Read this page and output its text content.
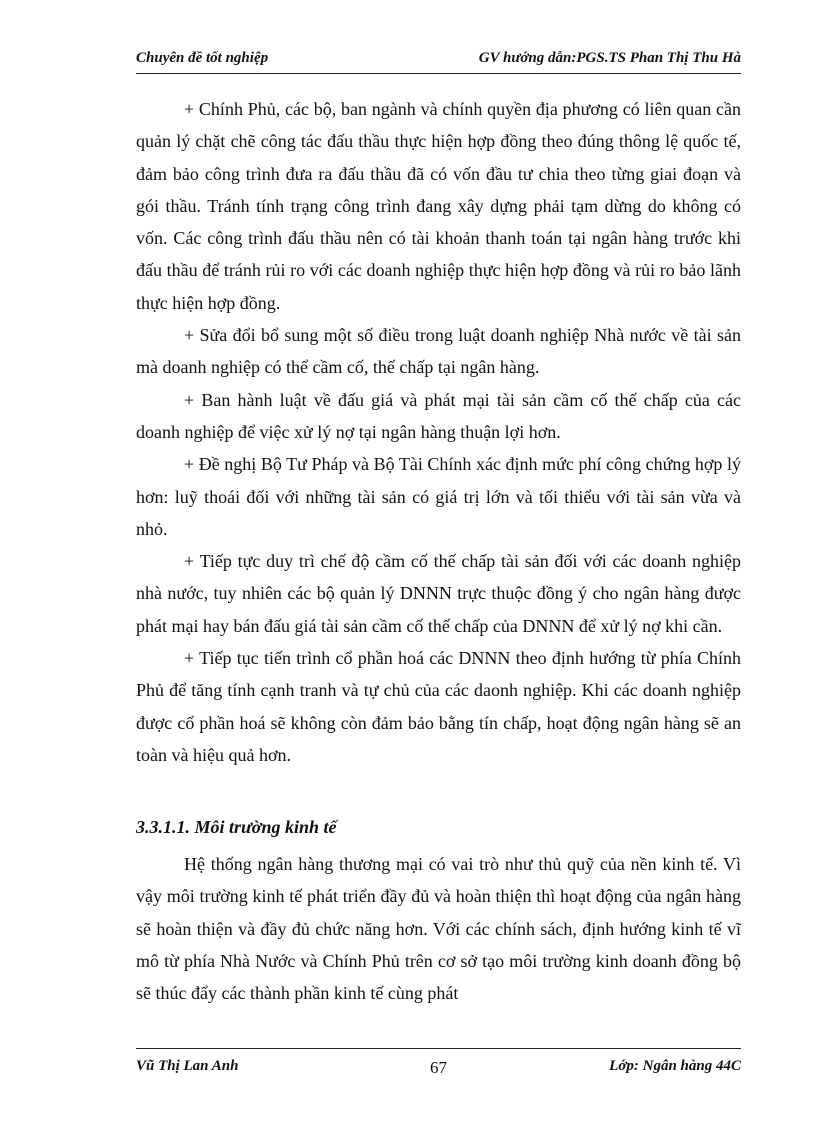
Chuyên đề tốt nghiệp	GV hướng dẫn:PGS.TS Phan Thị Thu Hà

+ Chính Phủ, các bộ, ban ngành và chính quyền địa phương có liên quan cần quản lý chặt chẽ công tác đấu thầu thực hiện hợp đồng theo đúng thông lệ quốc tế, đảm bảo công trình đưa ra đấu thầu đã có vốn đầu tư chia theo từng giai đoạn và gói thầu. Tránh tính trạng công trình đang xây dựng phải tạm dừng do không có vốn. Các công trình đấu thầu nên có tài khoản thanh toán tại ngân hàng trước khi đấu thầu để tránh rủi ro với các doanh nghiệp thực hiện hợp đồng và rủi ro bảo lãnh thực hiện hợp đồng.

+ Sửa đổi bổ sung một số điều trong luật doanh nghiệp Nhà nước về tài sản mà doanh nghiệp có thể cầm cố, thế chấp tại ngân hàng.

+ Ban hành luật về đấu giá và phát mại tài sản cầm cố thế chấp của các doanh nghiệp để việc xử lý nợ tại ngân hàng thuận lợi hơn.

+ Đề nghị Bộ Tư Pháp và Bộ Tài Chính xác định mức phí công chứng hợp lý hơn: luỹ thoái đối với những tài sản có giá trị lớn và tối thiểu với tài sản vừa và nhỏ.

+ Tiếp tực duy trì chế độ cầm cố thế chấp tài sản đối với các doanh nghiệp nhà nước, tuy nhiên các bộ quản lý DNNN trực thuộc đồng ý cho ngân hàng được phát mại hay bán đấu giá tài sản cầm cố thế chấp của DNNN để xử lý nợ khi cần.

+ Tiếp tục tiến trình cổ phần hoá các DNNN theo định hướng từ phía Chính Phủ để tăng tính cạnh tranh và tự chủ của các daonh nghiệp. Khi các doanh nghiệp được cổ phần hoá sẽ không còn đảm bảo bằng tín chấp, hoạt động ngân hàng sẽ an toàn và hiệu quả hơn.

3.3.1.1. Môi trường kinh tế

Hệ thống ngân hàng thương mại có vai trò như thủ quỹ của nền kinh tế. Vì vậy môi trường kinh tế phát triển đầy đủ và hoàn thiện thì hoạt động của ngân hàng sẽ hoàn thiện và đầy đủ chức năng hơn. Với các chính sách, định hướng kinh tế vĩ mô từ phía Nhà Nước và Chính Phủ trên cơ sở tạo môi trường kinh doanh đồng bộ sẽ thúc đẩy các thành phần kinh tế cùng phát

Vũ Thị Lan Anh	67	Lớp: Ngân hàng 44C
